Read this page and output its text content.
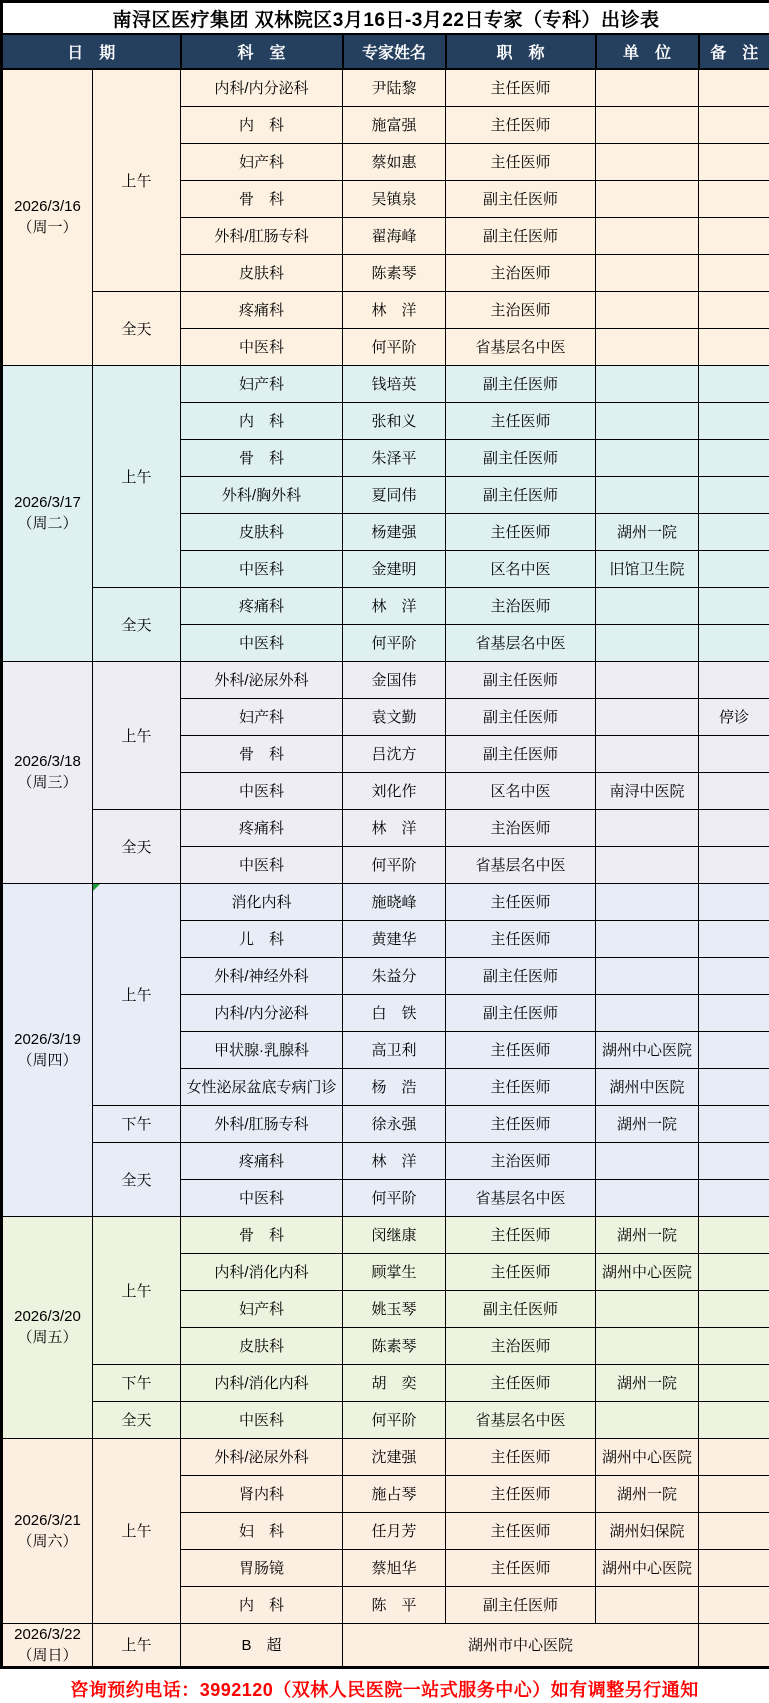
南浔区医疗集团 双林院区3月16日-3月22日专家（专科）出诊表						
日　期		科　室	专家姓名	职　称	单　位	备　注

2026/3/16
（周一）	上午	内科/内分泌科	尹陆黎	主任医师		
		内　科	施富强	主任医师		
		妇产科	蔡如惠	主任医师		
		骨　科	吴镇泉	副主任医师		
		外科/肛肠专科	翟海峰	副主任医师		
		皮肤科	陈素琴	主治医师		
	全天	疼痛科	林　洋	主治医师		
		中医科	何平阶	省基层名中医		

2026/3/17
（周二）	上午	妇产科	钱培英	副主任医师		
		内　科	张和义	主任医师		
		骨　科	朱泽平	副主任医师		
		外科/胸外科	夏同伟	副主任医师		
		皮肤科	杨建强	主任医师	湖州一院	
		中医科	金建明	区名中医	旧馆卫生院	
	全天	疼痛科	林　洋	主治医师		
		中医科	何平阶	省基层名中医		

2026/3/18
（周三）	上午	外科/泌尿外科	金国伟	副主任医师		
		妇产科	袁文勤	副主任医师		停诊
		骨　科	吕沈方	副主任医师		
		中医科	刘化作	区名中医	南浔中医院	
	全天	疼痛科	林　洋	主治医师		
		中医科	何平阶	省基层名中医		

2026/3/19
（周四）	上午	消化内科	施晓峰	主任医师		
		儿　科	黄建华	主任医师		
		外科/神经外科	朱益分	副主任医师		
		内科/内分泌科	白　铁	副主任医师		
		甲状腺·乳腺科	高卫利	主任医师	湖州中心医院	
		女性泌尿盆底专病门诊	杨　浩	主任医师	湖州中医院	
	下午	外科/肛肠专科	徐永强	主任医师	湖州一院	
	全天	疼痛科	林　洋	主治医师		
		中医科	何平阶	省基层名中医		

2026/3/20
（周五）	上午	骨　科	闵继康	主任医师	湖州一院	
		内科/消化内科	顾掌生	主任医师	湖州中心医院	
		妇产科	姚玉琴	副主任医师		
		皮肤科	陈素琴	主治医师		
	下午	内科/消化内科	胡　奕	主任医师	湖州一院	
	全天	中医科	何平阶	省基层名中医		

2026/3/21
（周六）	上午	外科/泌尿外科	沈建强	主任医师	湖州中心医院	
		肾内科	施占琴	主任医师	湖州一院	
		妇　科	任月芳	主任医师	湖州妇保院	
		胃肠镜	蔡旭华	主任医师	湖州中心医院	
		内　科	陈　平	副主任医师		

2026/3/22
（周日）	上午	B　超	湖州市中心医院			
咨询预约电话：3992120（双林人民医院一站式服务中心）如有调整另行通知
